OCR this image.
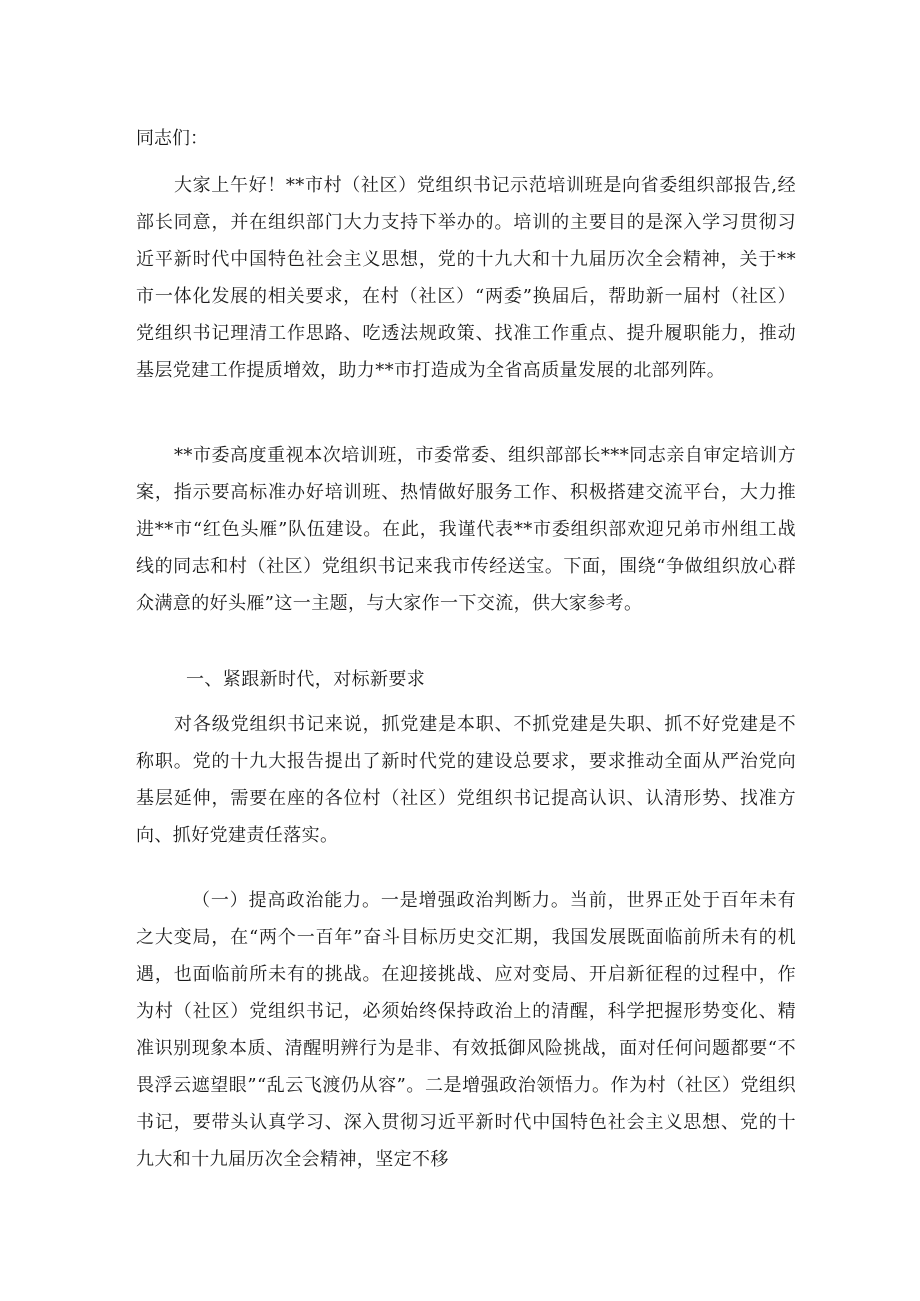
同志们：

大家上午好！**市村（社区）党组织书记示范培训班是向省委组织部报告,经部长同意，并在组织部门大力支持下举办的。培训的主要目的是深入学习贯彻习近平新时代中国特色社会主义思想，党的十九大和十九届历次全会精神，关于**市一体化发展的相关要求，在村（社区）“两委”换届后，帮助新一届村（社区）党组织书记理清工作思路、吃透法规政策、找准工作重点、提升履职能力，推动基层党建工作提质增效，助力**市打造成为全省高质量发展的北部列阵。

**市委高度重视本次培训班，市委常委、组织部部长***同志亲自审定培训方案，指示要高标准办好培训班、热情做好服务工作、积极搭建交流平台，大力推进**市“红色头雁”队伍建设。在此，我谨代表**市委组织部欢迎兄弟市州组工战线的同志和村（社区）党组织书记来我市传经送宝。下面，围绕“争做组织放心群众满意的好头雁”这一主题，与大家作一下交流，供大家参考。

一、紧跟新时代，对标新要求

对各级党组织书记来说，抓党建是本职、不抓党建是失职、抓不好党建是不称职。党的十九大报告提出了新时代党的建设总要求，要求推动全面从严治党向基层延伸，需要在座的各位村（社区）党组织书记提高认识、认清形势、找准方向、抓好党建责任落实。

（一）提高政治能力。一是增强政治判断力。当前，世界正处于百年未有之大变局，在“两个一百年”奋斗目标历史交汇期，我国发展既面临前所未有的机遇，也面临前所未有的挑战。在迎接挑战、应对变局、开启新征程的过程中，作为村（社区）党组织书记，必须始终保持政治上的清醒，科学把握形势变化、精准识别现象本质、清醒明辨行为是非、有效抵御风险挑战，面对任何问题都要“不畏浮云遮望眼”“乱云飞渡仍从容”。二是增强政治领悟力。作为村（社区）党组织书记，要带头认真学习、深入贯彻习近平新时代中国特色社会主义思想、党的十九大和十九届历次全会精神，坚定不移
